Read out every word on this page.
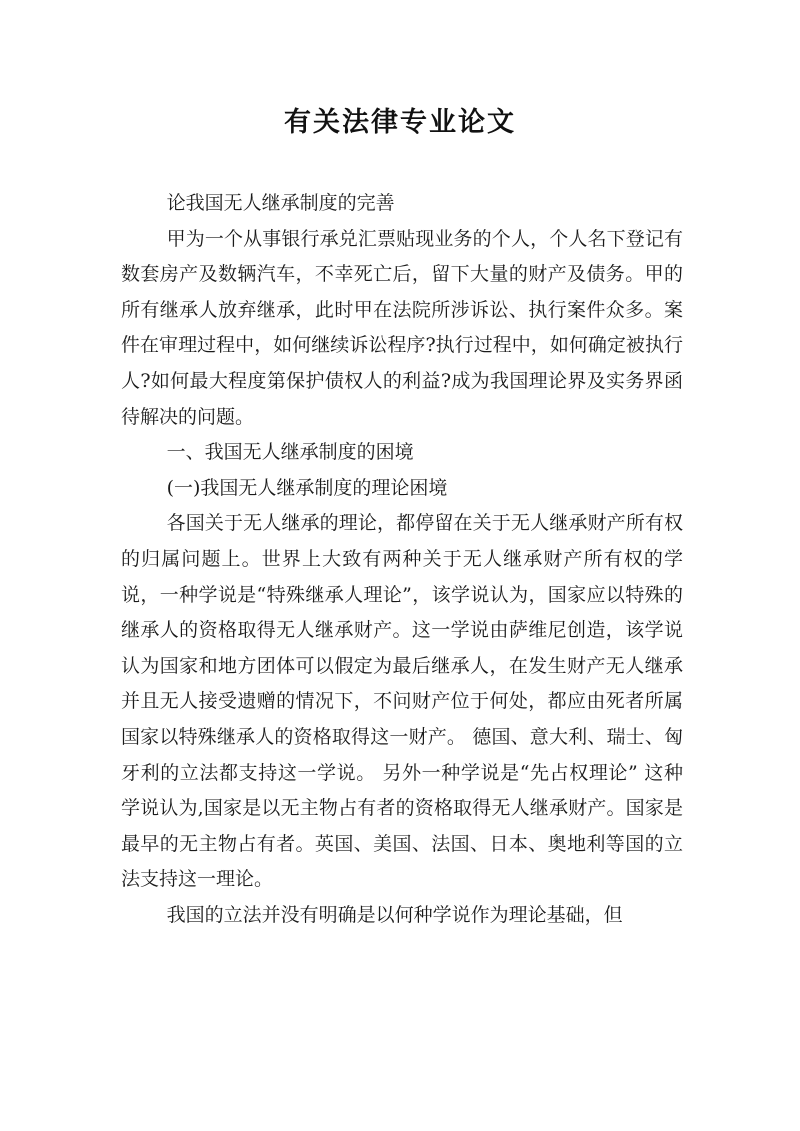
有关法律专业论文

论我国无人继承制度的完善

甲为一个从事银行承兑汇票贴现业务的个人，个人名下登记有数套房产及数辆汽车，不幸死亡后，留下大量的财产及债务。甲的所有继承人放弃继承，此时甲在法院所涉诉讼、执行案件众多。案件在审理过程中，如何继续诉讼程序?执行过程中，如何确定被执行人?如何最大程度第保护债权人的利益?成为我国理论界及实务界函待解决的问题。

一、我国无人继承制度的困境

(一)我国无人继承制度的理论困境

各国关于无人继承的理论，都停留在关于无人继承财产所有权的归属问题上。世界上大致有两种关于无人继承财产所有权的学说，一种学说是“特殊继承人理论”，该学说认为，国家应以特殊的继承人的资格取得无人继承财产。这一学说由萨维尼创造，该学说认为国家和地方团体可以假定为最后继承人，在发生财产无人继承并且无人接受遗赠的情况下，不问财产位于何处，都应由死者所属国家以特殊继承人的资格取得这一财产。 德国、意大利、瑞士、匈牙利的立法都支持这一学说。 另外一种学说是“先占权理论” 这种学说认为,国家是以无主物占有者的资格取得无人继承财产。国家是最早的无主物占有者。英国、美国、法国、日本、奥地利等国的立法支持这一理论。

我国的立法并没有明确是以何种学说作为理论基础，但
